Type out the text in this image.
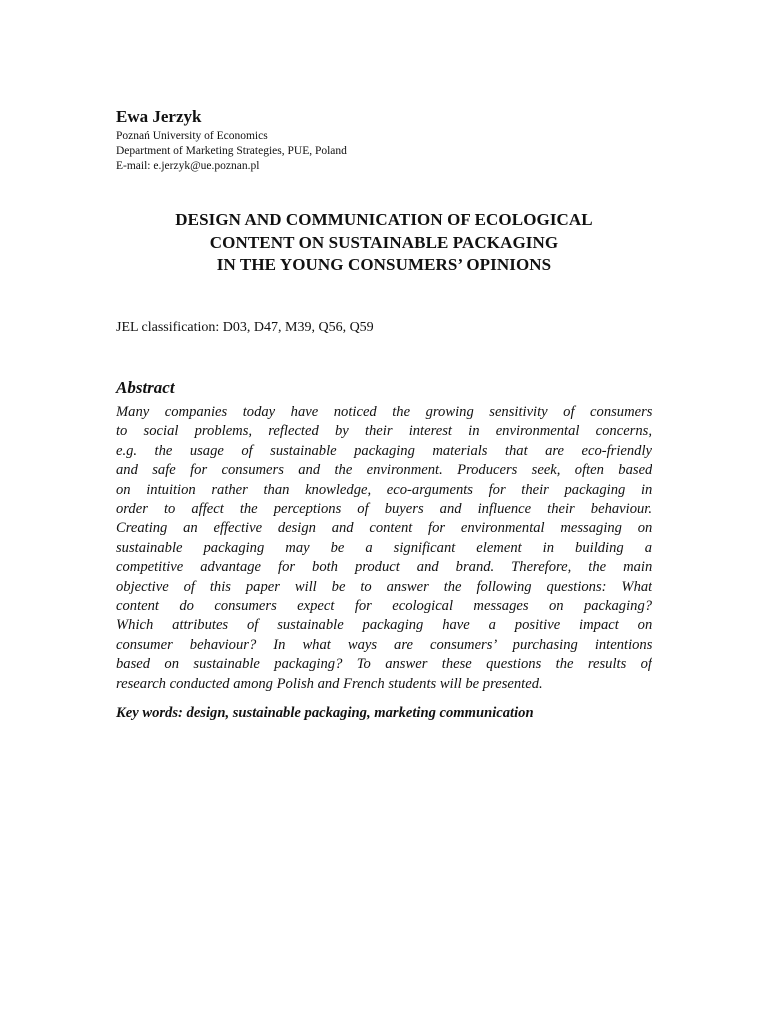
Ewa Jerzyk

Poznań University of Economics

Department of Marketing Strategies, PUE, Poland

E-mail: e.jerzyk@ue.poznan.pl

DESIGN AND COMMUNICATION OF ECOLOGICAL

CONTENT ON SUSTAINABLE PACKAGING

IN THE YOUNG CONSUMERS’ OPINIONS

JEL classification: D03, D47, M39, Q56, Q59
Abstract
Many companies today have noticed the growing sensitivity of consumers
to social problems, reflected by their interest in environmental concerns,
e.g. the usage of sustainable packaging materials that are eco-friendly
and safe for consumers and the environment. Producers seek, often based
on intuition rather than knowledge, eco-arguments for their packaging in
order to affect the perceptions of buyers and influence their behaviour.
Creating an effective design and content for environmental messaging on
sustainable packaging may be a significant element in building a
competitive advantage for both product and brand. Therefore, the main
objective of this paper will be to answer the following questions: What
content do consumers expect for ecological messages on packaging?
Which attributes of sustainable packaging have a positive impact on
consumer behaviour? In what ways are consumers’ purchasing intentions
based on sustainable packaging? To answer these questions the results of
research conducted among Polish and French students will be presented.
Key words: design, sustainable packaging, marketing communication
